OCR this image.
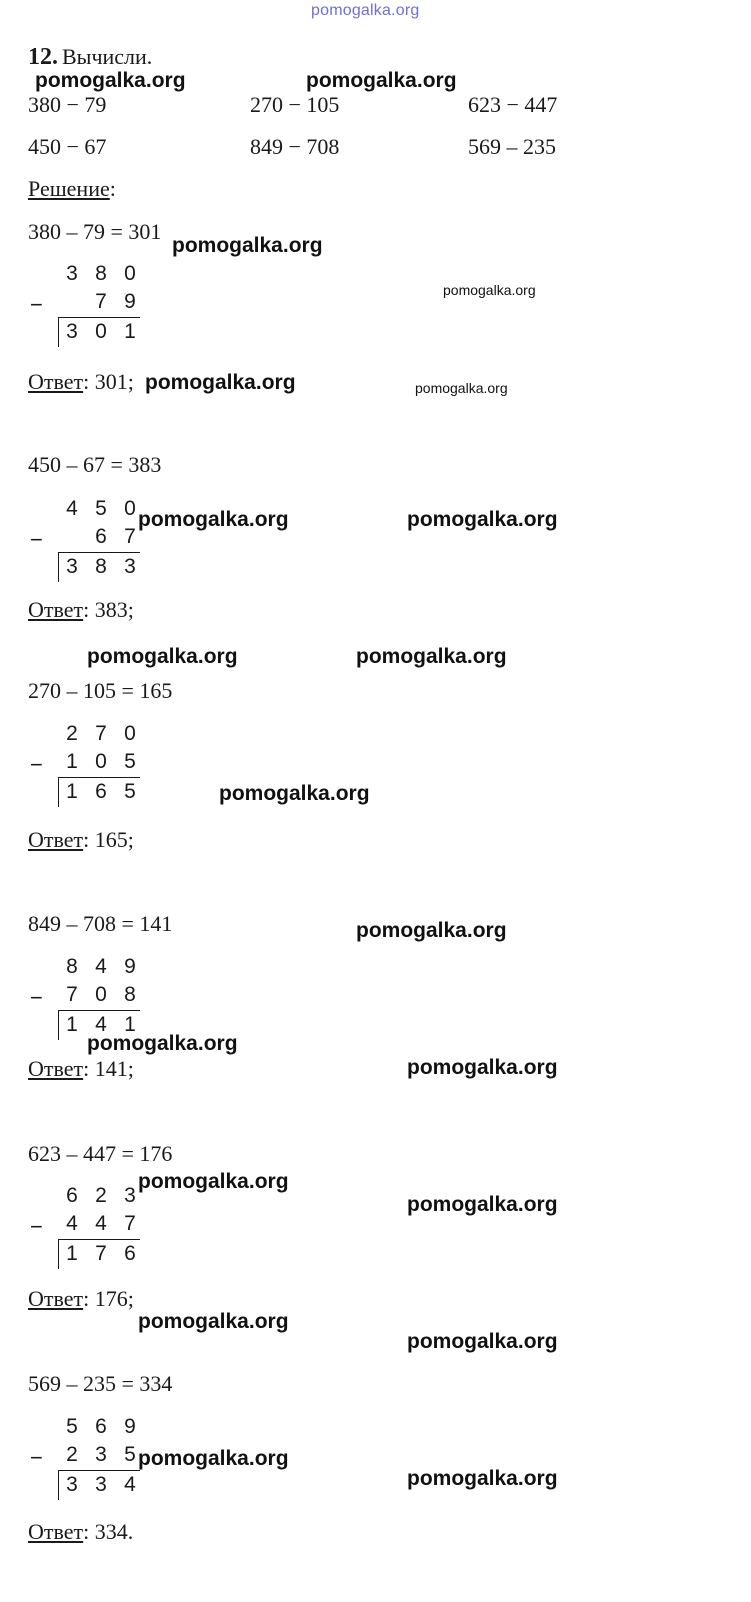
pomogalka.org
12. Вычисли.
380 − 79	270 − 105	623 − 447
450 − 67	849 − 708	569 – 235
Решение:
380 – 79 = 301
−
3 8 0
7 9
3 0 1
Ответ: 301;
450 – 67 = 383
−
4 5 0
6 7
3 8 3
Ответ: 383;
270 – 105 = 165
−
2 7 0
1 0 5
1 6 5
Ответ: 165;
849 – 708 = 141
−
8 4 9
7 0 8
1 4 1
Ответ: 141;
623 – 447 = 176
−
6 2 3
4 4 7
1 7 6
Ответ: 176;
569 – 235 = 334
−
5 6 9
2 3 5
3 3 4
Ответ: 334.
pomogalka.org	pomogalka.org
pomogalka.org
pomogalka.org
pomogalka.org	pomogalka.org
pomogalka.org	pomogalka.org
pomogalka.org	pomogalka.org
pomogalka.org
pomogalka.org
pomogalka.org
pomogalka.org
pomogalka.org
pomogalka.org
pomogalka.org
pomogalka.org
pomogalka.org
pomogalka.org
